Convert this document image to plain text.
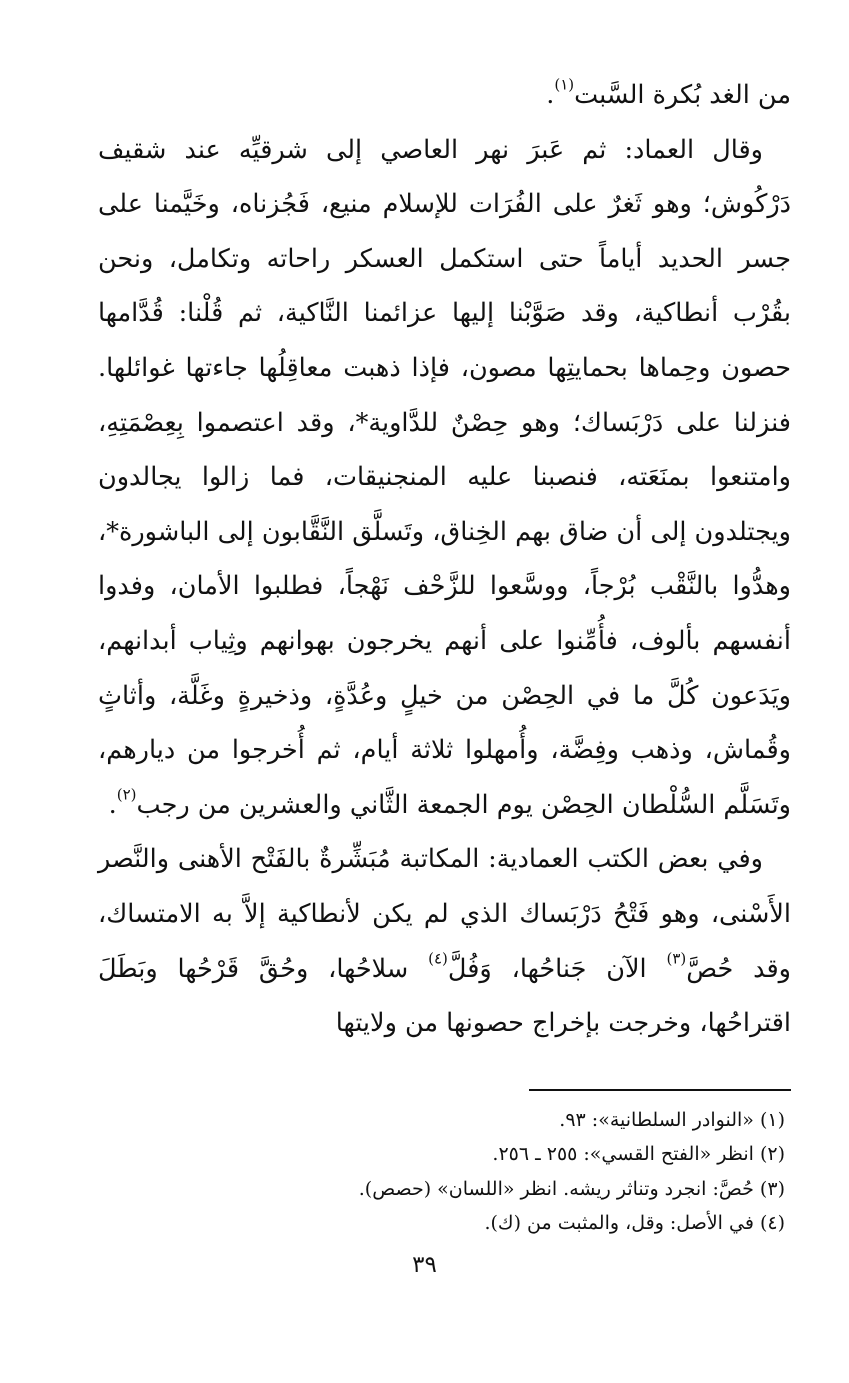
من الغد بُكرة السَّبت$^{(١)}$.

وقال العماد: ثم عَبرَ نهر العاصي إلى شرقيِّه عند شقيف دَرْكُوش؛ وهو ثَغرٌ على الفُرَات للإسلام منيع، فَجُزناه، وخَيَّمنا على جسر الحديد أياماً حتى استكمل العسكر راحاته وتكامل، ونحن بقُرْب أنطاكية، وقد صَوَّبْنا إليها عزائمنا النَّاكية، ثم قُلْنا: قُدَّامها حصون وحِماها بحمايتِها مصون، فإذا ذهبت معاقِلُها جاءتها غوائلها. فنزلنا على دَرْبَساك؛ وهو حِصْنٌ للدَّاوية*، وقد اعتصموا بِعِصْمَتِهِ، وامتنعوا بمنَعَته، فنصبنا عليه المنجنيقات، فما زالوا يجالدون ويجتلدون إلى أن ضاق بهم الخِناق، وتَسلَّق النَّقَّابون إلى الباشورة*، وهدُّوا بالنَّقْب بُرْجاً، ووسَّعوا للزَّحْف نَهْجاً، فطلبوا الأمان، وفدوا أنفسهم بألوف، فأُمِّنوا على أنهم يخرجون بهوانهم وثِياب أبدانهم، ويَدَعون كُلَّ ما في الحِصْن من خيلٍ وعُدَّةٍ، وذخيرةٍ وغَلَّة، وأثاثٍ وقُماش، وذهب وفِضَّة، وأُمهلوا ثلاثة أيام، ثم أُخرجوا من ديارهم، وتَسَلَّم السُّلْطان الحِصْن يوم الجمعة الثَّاني والعشرين من رجب$^{(٢)}$.

وفي بعض الكتب العمادية: المكاتبة مُبَشِّرةٌ بالفَتْح الأهنى والنَّصر الأَسْنى، وهو فَتْحُ دَرْبَساك الذي لم يكن لأنطاكية إلاَّ به الامتساك، وقد حُصَّ$^{(٣)}$ الآن جَناحُها، وَفُلَّ$^{(٤)}$ سلاحُها، وحُقَّ قَرْحُها وبَطَلَ اقتراحُها، وخرجت بإخراج حصونها من ولايتها

(١) «النوادر السلطانية»: ٩٣.

(٢) انظر «الفتح القسي»: ٢٥٥ ـ ٢٥٦.

(٣) حُصَّ: انجرد وتناثر ريشه. انظر «اللسان» (حصص).

(٤) في الأصل: وقل، والمثبت من (ك).

٣٩
